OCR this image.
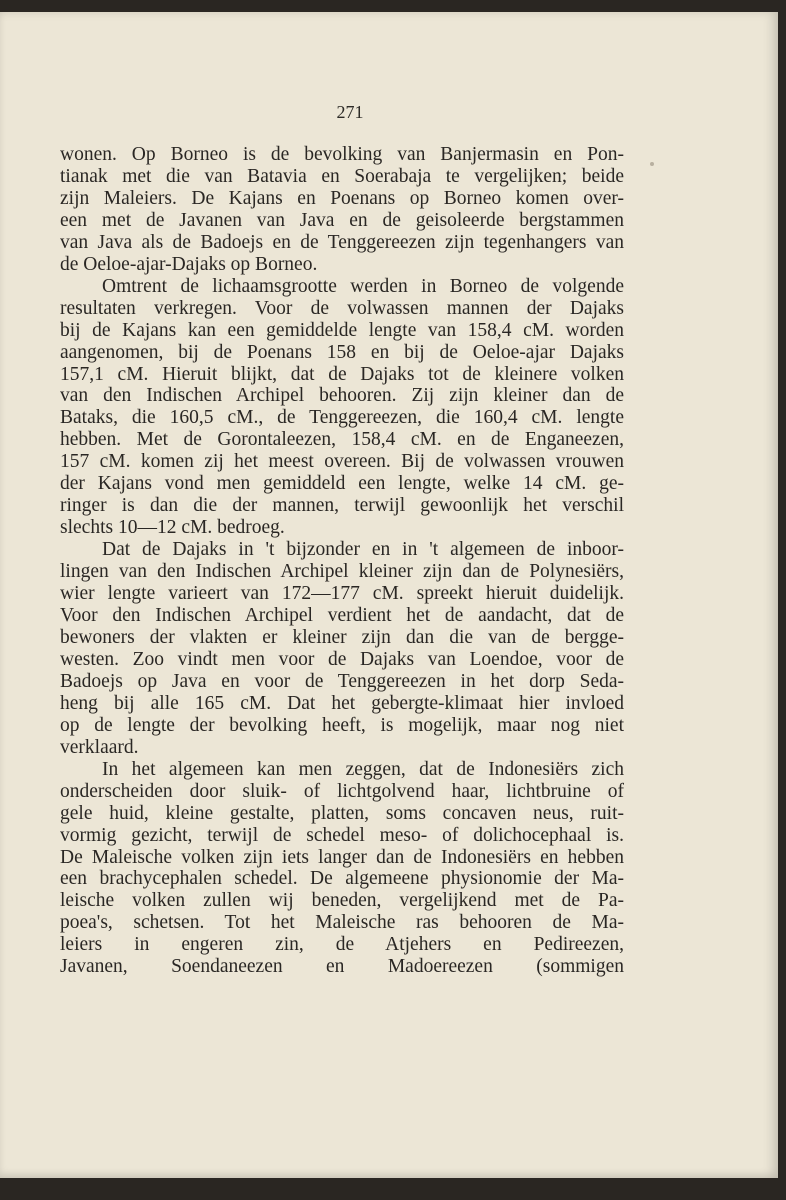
271

wonen. Op Borneo is de bevolking van Banjermasin en Pon-
tianak met die van Batavia en Soerabaja te vergelijken; beide
zijn Maleiers. De Kajans en Poenans op Borneo komen over-
een met de Javanen van Java en de geisoleerde bergstammen
van Java als de Badoejs en de Tenggereezen zijn tegenhangers van
de Oeloe-ajar-Dajaks op Borneo.

Omtrent de lichaamsgrootte werden in Borneo de volgende
resultaten verkregen. Voor de volwassen mannen der Dajaks
bij de Kajans kan een gemiddelde lengte van 158,4 cM. worden
aangenomen, bij de Poenans 158 en bij de Oeloe-ajar Dajaks
157,1 cM. Hieruit blijkt, dat de Dajaks tot de kleinere volken
van den Indischen Archipel behooren. Zij zijn kleiner dan de
Bataks, die 160,5 cM., de Tenggereezen, die 160,4 cM. lengte
hebben. Met de Gorontaleezen, 158,4 cM. en de Enganeezen,
157 cM. komen zij het meest overeen. Bij de volwassen vrouwen
der Kajans vond men gemiddeld een lengte, welke 14 cM. ge-
ringer is dan die der mannen, terwijl gewoonlijk het verschil
slechts 10—12 cM. bedroeg.

Dat de Dajaks in 't bijzonder en in 't algemeen de inboor-
lingen van den Indischen Archipel kleiner zijn dan de Polynesiërs,
wier lengte varieert van 172—177 cM. spreekt hieruit duidelijk.
Voor den Indischen Archipel verdient het de aandacht, dat de
bewoners der vlakten er kleiner zijn dan die van de bergge-
westen. Zoo vindt men voor de Dajaks van Loendoe, voor de
Badoejs op Java en voor de Tenggereezen in het dorp Seda-
heng bij alle 165 cM. Dat het gebergte-klimaat hier invloed
op de lengte der bevolking heeft, is mogelijk, maar nog niet
verklaard.

In het algemeen kan men zeggen, dat de Indonesiërs zich
onderscheiden door sluik- of lichtgolvend haar, lichtbruine of
gele huid, kleine gestalte, platten, soms concaven neus, ruit-
vormig gezicht, terwijl de schedel meso- of dolichocephaal is.
De Maleische volken zijn iets langer dan de Indonesiërs en hebben
een brachycephalen schedel. De algemeene physionomie der Ma-
leische volken zullen wij beneden, vergelijkend met de Pa-
poea's, schetsen. Tot het Maleische ras behooren de Ma-
leiers in engeren zin, de Atjehers en Pedireezen,
Javanen, Soendaneezen en Madoereezen (sommigen
